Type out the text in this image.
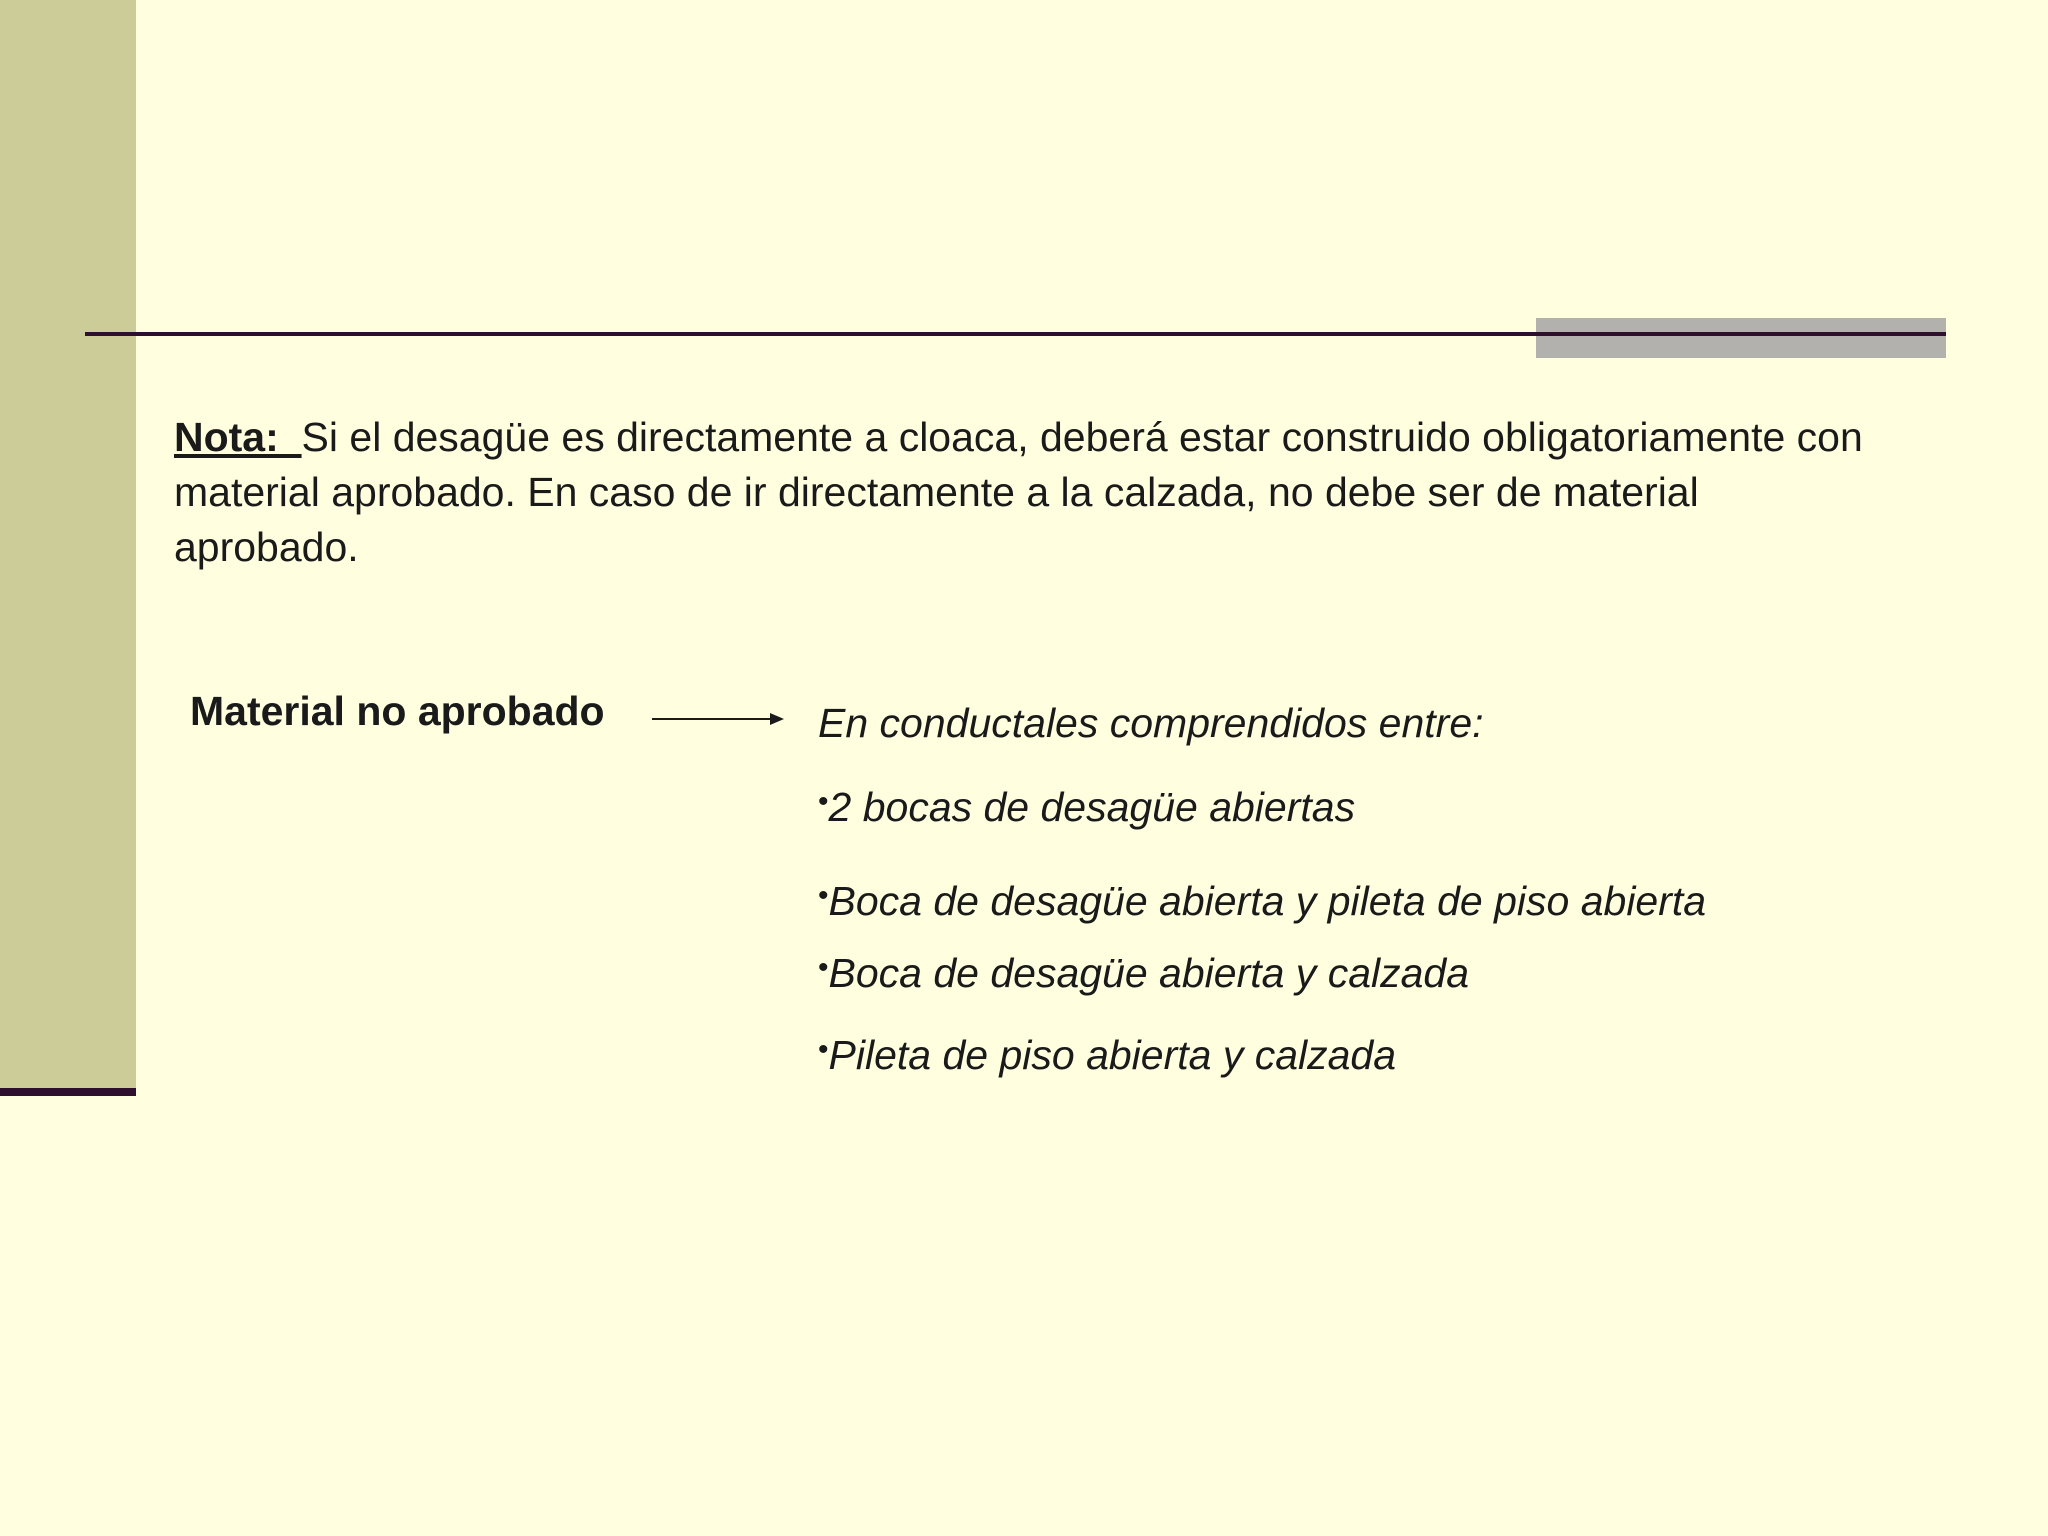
Nota:  Si el desagüe es directamente a cloaca, deberá estar construido obligatoriamente con material aprobado. En caso de ir directamente a la calzada, no debe ser de material aprobado.

Material no aprobado	En conductales comprendidos entre:
•2 bocas de desagüe abiertas
•Boca de desagüe abierta y pileta de piso abierta
•Boca de desagüe abierta y calzada
•Pileta de piso abierta y calzada
